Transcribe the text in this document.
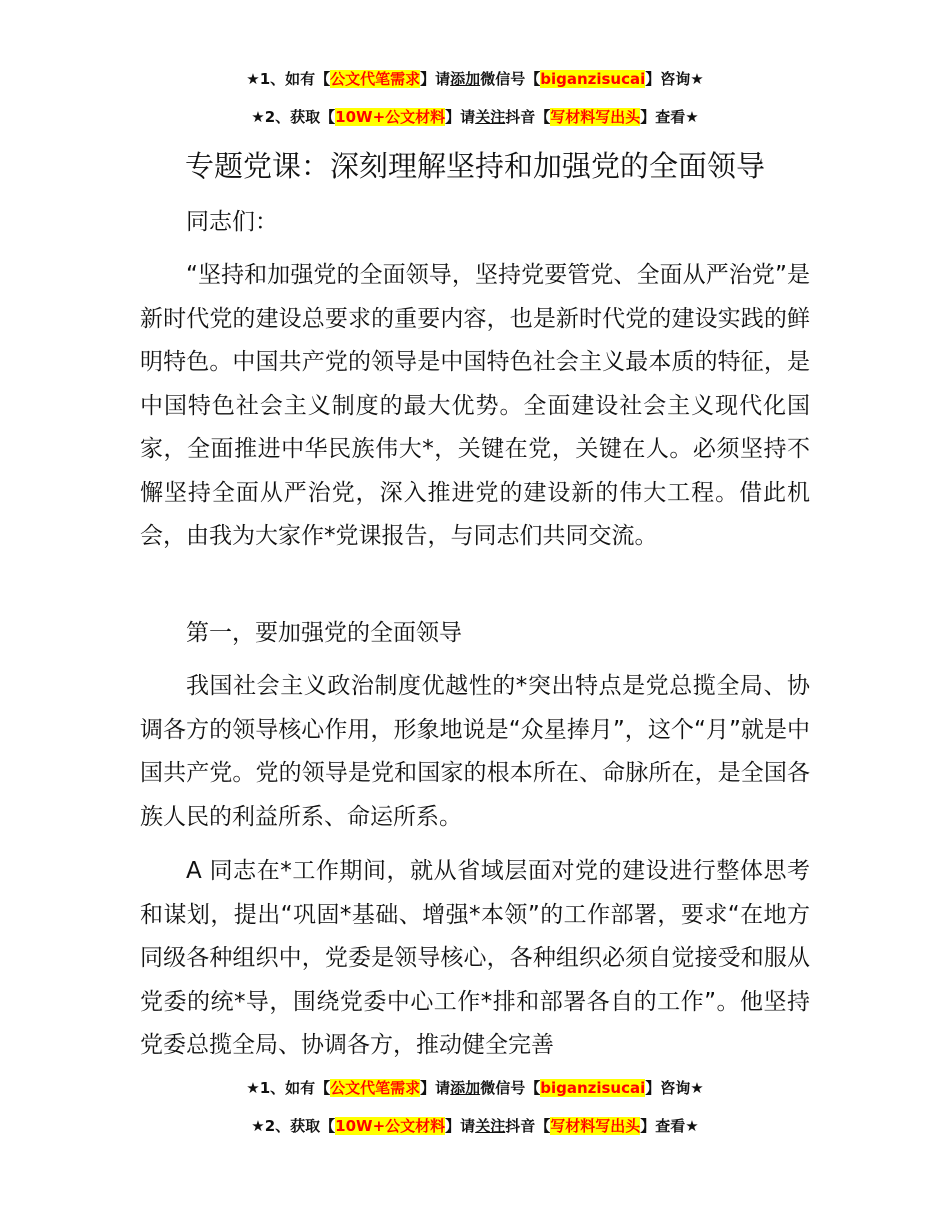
★1、如有【公文代笔需求】请添加微信号【biganzisucai】咨询★
★2、获取【10W+公文材料】请关注抖音【写材料写出头】查看★
专题党课：深刻理解坚持和加强党的全面领导

同志们：

“坚持和加强党的全面领导，坚持党要管党、全面从严治党”是新时代党的建设总要求的重要内容，也是新时代党的建设实践的鲜明特色。中国共产党的领导是中国特色社会主义最本质的特征，是中国特色社会主义制度的最大优势。全面建设社会主义现代化国家，全面推进中华民族伟大*，关键在党，关键在人。必须坚持不懈坚持全面从严治党，深入推进党的建设新的伟大工程。借此机会，由我为大家作*党课报告，与同志们共同交流。

第一，要加强党的全面领导

我国社会主义政治制度优越性的*突出特点是党总揽全局、协调各方的领导核心作用，形象地说是“众星捧月”，这个“月”就是中国共产党。党的领导是党和国家的根本所在、命脉所在，是全国各族人民的利益所系、命运所系。

A 同志在*工作期间，就从省域层面对党的建设进行整体思考和谋划，提出“巩固*基础、增强*本领”的工作部署，要求“在地方同级各种组织中，党委是领导核心，各种组织必须自觉接受和服从党委的统*导，围绕党委中心工作*排和部署各自的工作”。他坚持党委总揽全局、协调各方，推动健全完善

★1、如有【公文代笔需求】请添加微信号【biganzisucai】咨询★
★2、获取【10W+公文材料】请关注抖音【写材料写出头】查看★
